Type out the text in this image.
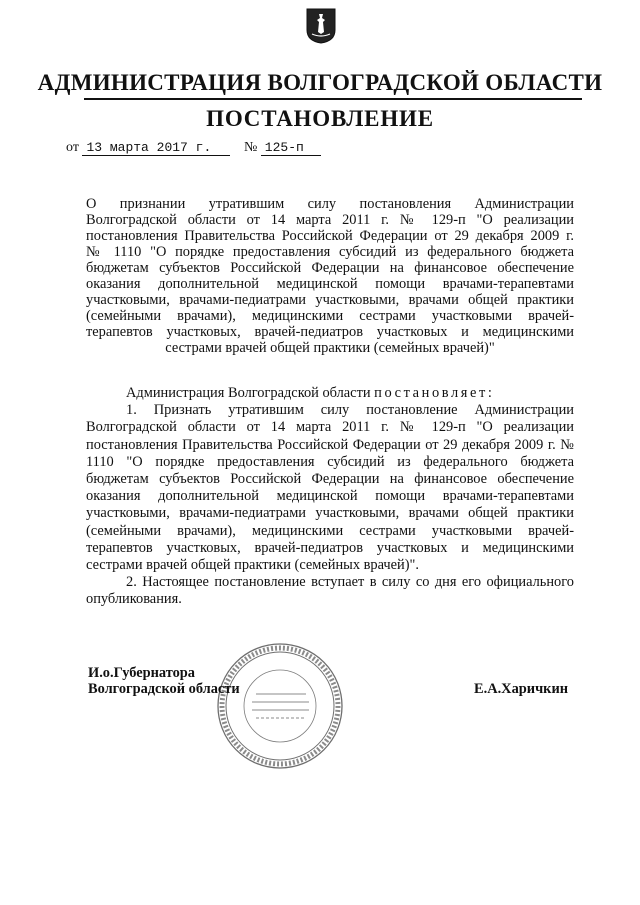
АДМИНИСТРАЦИЯ ВОЛГОГРАДСКОЙ ОБЛАСТИ
ПОСТАНОВЛЕНИЕ
от 13 марта 2017 г. № 125-п
О признании утратившим силу постановления Администрации
Волгоградской области от 14 марта 2011 г. № 129-п "О реализации
постановления Правительства Российской Федерации от 29 декабря 2009 г.
№ 1110 "О порядке предоставления субсидий из федерального бюджета
бюджетам субъектов Российской Федерации на финансовое обеспечение
оказания дополнительной медицинской помощи врачами-терапевтами
участковыми, врачами-педиатрами участковыми, врачами общей практики
(семейными врачами), медицинскими сестрами участковыми врачей-
терапевтов участковых, врачей-педиатров участковых и медицинскими
сестрами врачей общей практики (семейных врачей)"

Администрация Волгоградской области постановляет:

1. Признать утратившим силу постановление Администрации Волгоградской области от 14 марта 2011 г. № 129-п "О реализации постановления Правительства Российской Федерации от 29 декабря 2009 г. № 1110 "О порядке предоставления субсидий из федерального бюджета бюджетам субъектов Российской Федерации на финансовое обеспечение оказания дополнительной медицинской помощи врачами-терапевтами участковыми, врачами-педиатрами участковыми, врачами общей практики (семейными врачами), медицинскими сестрами участковыми врачей-терапевтов участковых, врачей-педиатров участковых и медицинскими сестрами врачей общей практики (семейных врачей)".

2. Настоящее постановление вступает в силу со дня его официального опубликования.

И.о.Губернатора
Волгоградской области	Е.А.Харичкин
